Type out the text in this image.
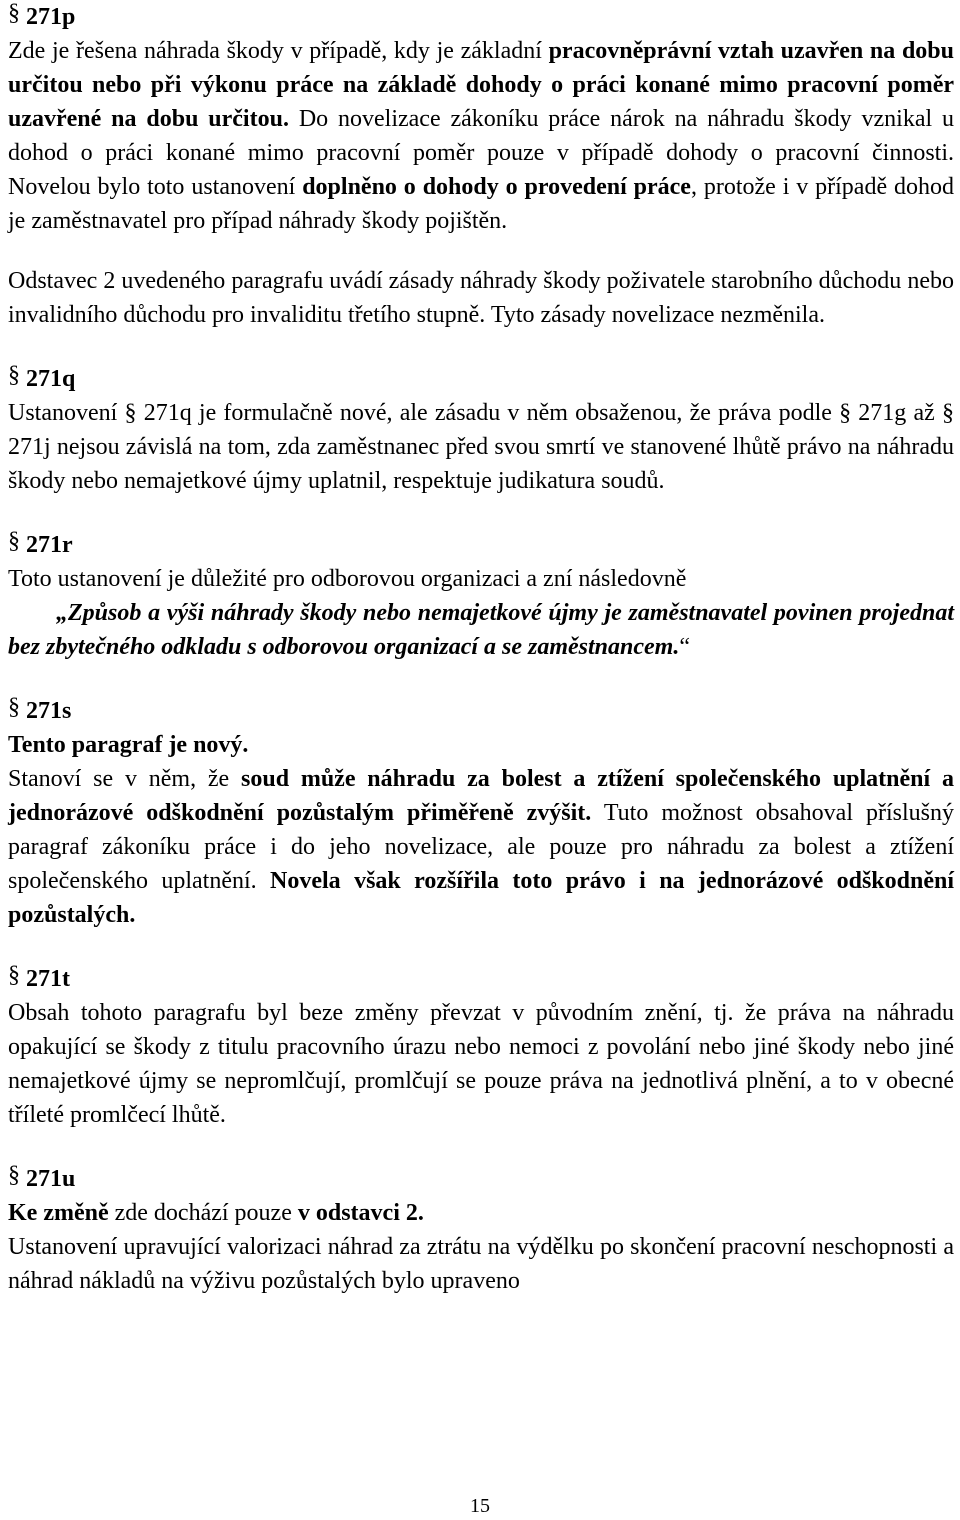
§ 271p

Zde je řešena náhrada škody v případě, kdy je základní pracovněprávní vztah uzavřen na dobu určitou nebo při výkonu práce na základě dohody o práci konané mimo pracovní poměr uzavřené na dobu určitou. Do novelizace zákoníku práce nárok na náhradu škody vznikal u dohod o práci konané mimo pracovní poměr pouze v případě dohody o pracovní činnosti. Novelou bylo toto ustanovení doplněno o dohody o provedení práce, protože i v případě dohod je zaměstnavatel pro případ náhrady škody pojištěn.

Odstavec 2 uvedeného paragrafu uvádí zásady náhrady škody poživatele starobního důchodu nebo invalidního důchodu pro invaliditu třetího stupně. Tyto zásady novelizace nezměnila.

§ 271q

Ustanovení § 271q je formulačně nové, ale zásadu v něm obsaženou, že práva podle § 271g až § 271j nejsou závislá na tom, zda zaměstnanec před svou smrtí ve stanovené lhůtě právo na náhradu škody nebo nemajetkové újmy uplatnil, respektuje judikatura soudů.

§ 271r

Toto ustanovení je důležité pro odborovou organizaci a zní následovně

„Způsob a výši náhrady škody nebo nemajetkové újmy je zaměstnavatel povinen projednat bez zbytečného odkladu s odborovou organizací a se zaměstnancem.“

§ 271s

Tento paragraf je nový.

Stanoví se v něm, že soud může náhradu za bolest a ztížení společenského uplatnění a jednorázové odškodnění pozůstalým přiměřeně zvýšit. Tuto možnost obsahoval příslušný paragraf zákoníku práce i do jeho novelizace, ale pouze pro náhradu za bolest a ztížení společenského uplatnění. Novela však rozšířila toto právo i na jednorázové odškodnění pozůstalých.

§ 271t

Obsah tohoto paragrafu byl beze změny převzat v původním znění, tj. že práva na náhradu opakující se škody z titulu pracovního úrazu nebo nemoci z povolání nebo jiné škody nebo jiné nemajetkové újmy se nepromlčují, promlčují se pouze práva na jednotlivá plnění, a to v obecné tříleté promlčecí lhůtě.

§ 271u

Ke změně zde dochází pouze v odstavci 2.

Ustanovení upravující valorizaci náhrad za ztrátu na výdělku po skončení pracovní neschopnosti a náhrad nákladů na výživu pozůstalých bylo upraveno

15
